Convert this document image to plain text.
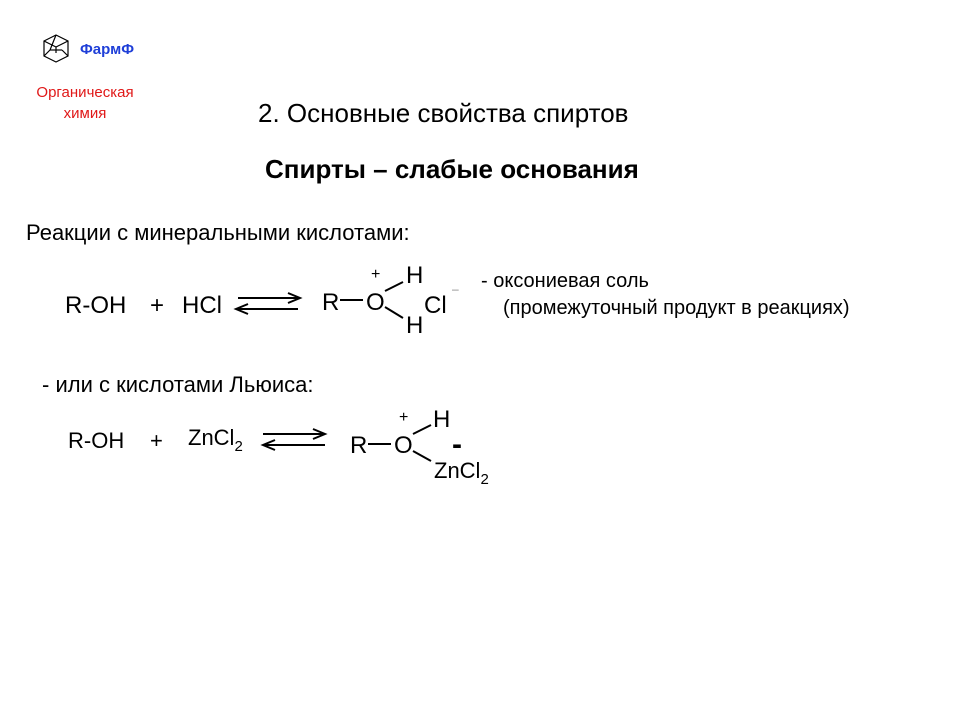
ФармФ
Органическая химия	2. Основные свойства спиртов
Спирты – слабые основания
Реакции с минеральными кислотами:
R-OH + HCl	R O
+ H
H
Cl
– - оксониевая соль
(промежуточный продукт в реакциях)
- или с кислотами Льюиса:
R-OH + ZnCl$_2$	R O
+ H
-
ZnCl$_2$
